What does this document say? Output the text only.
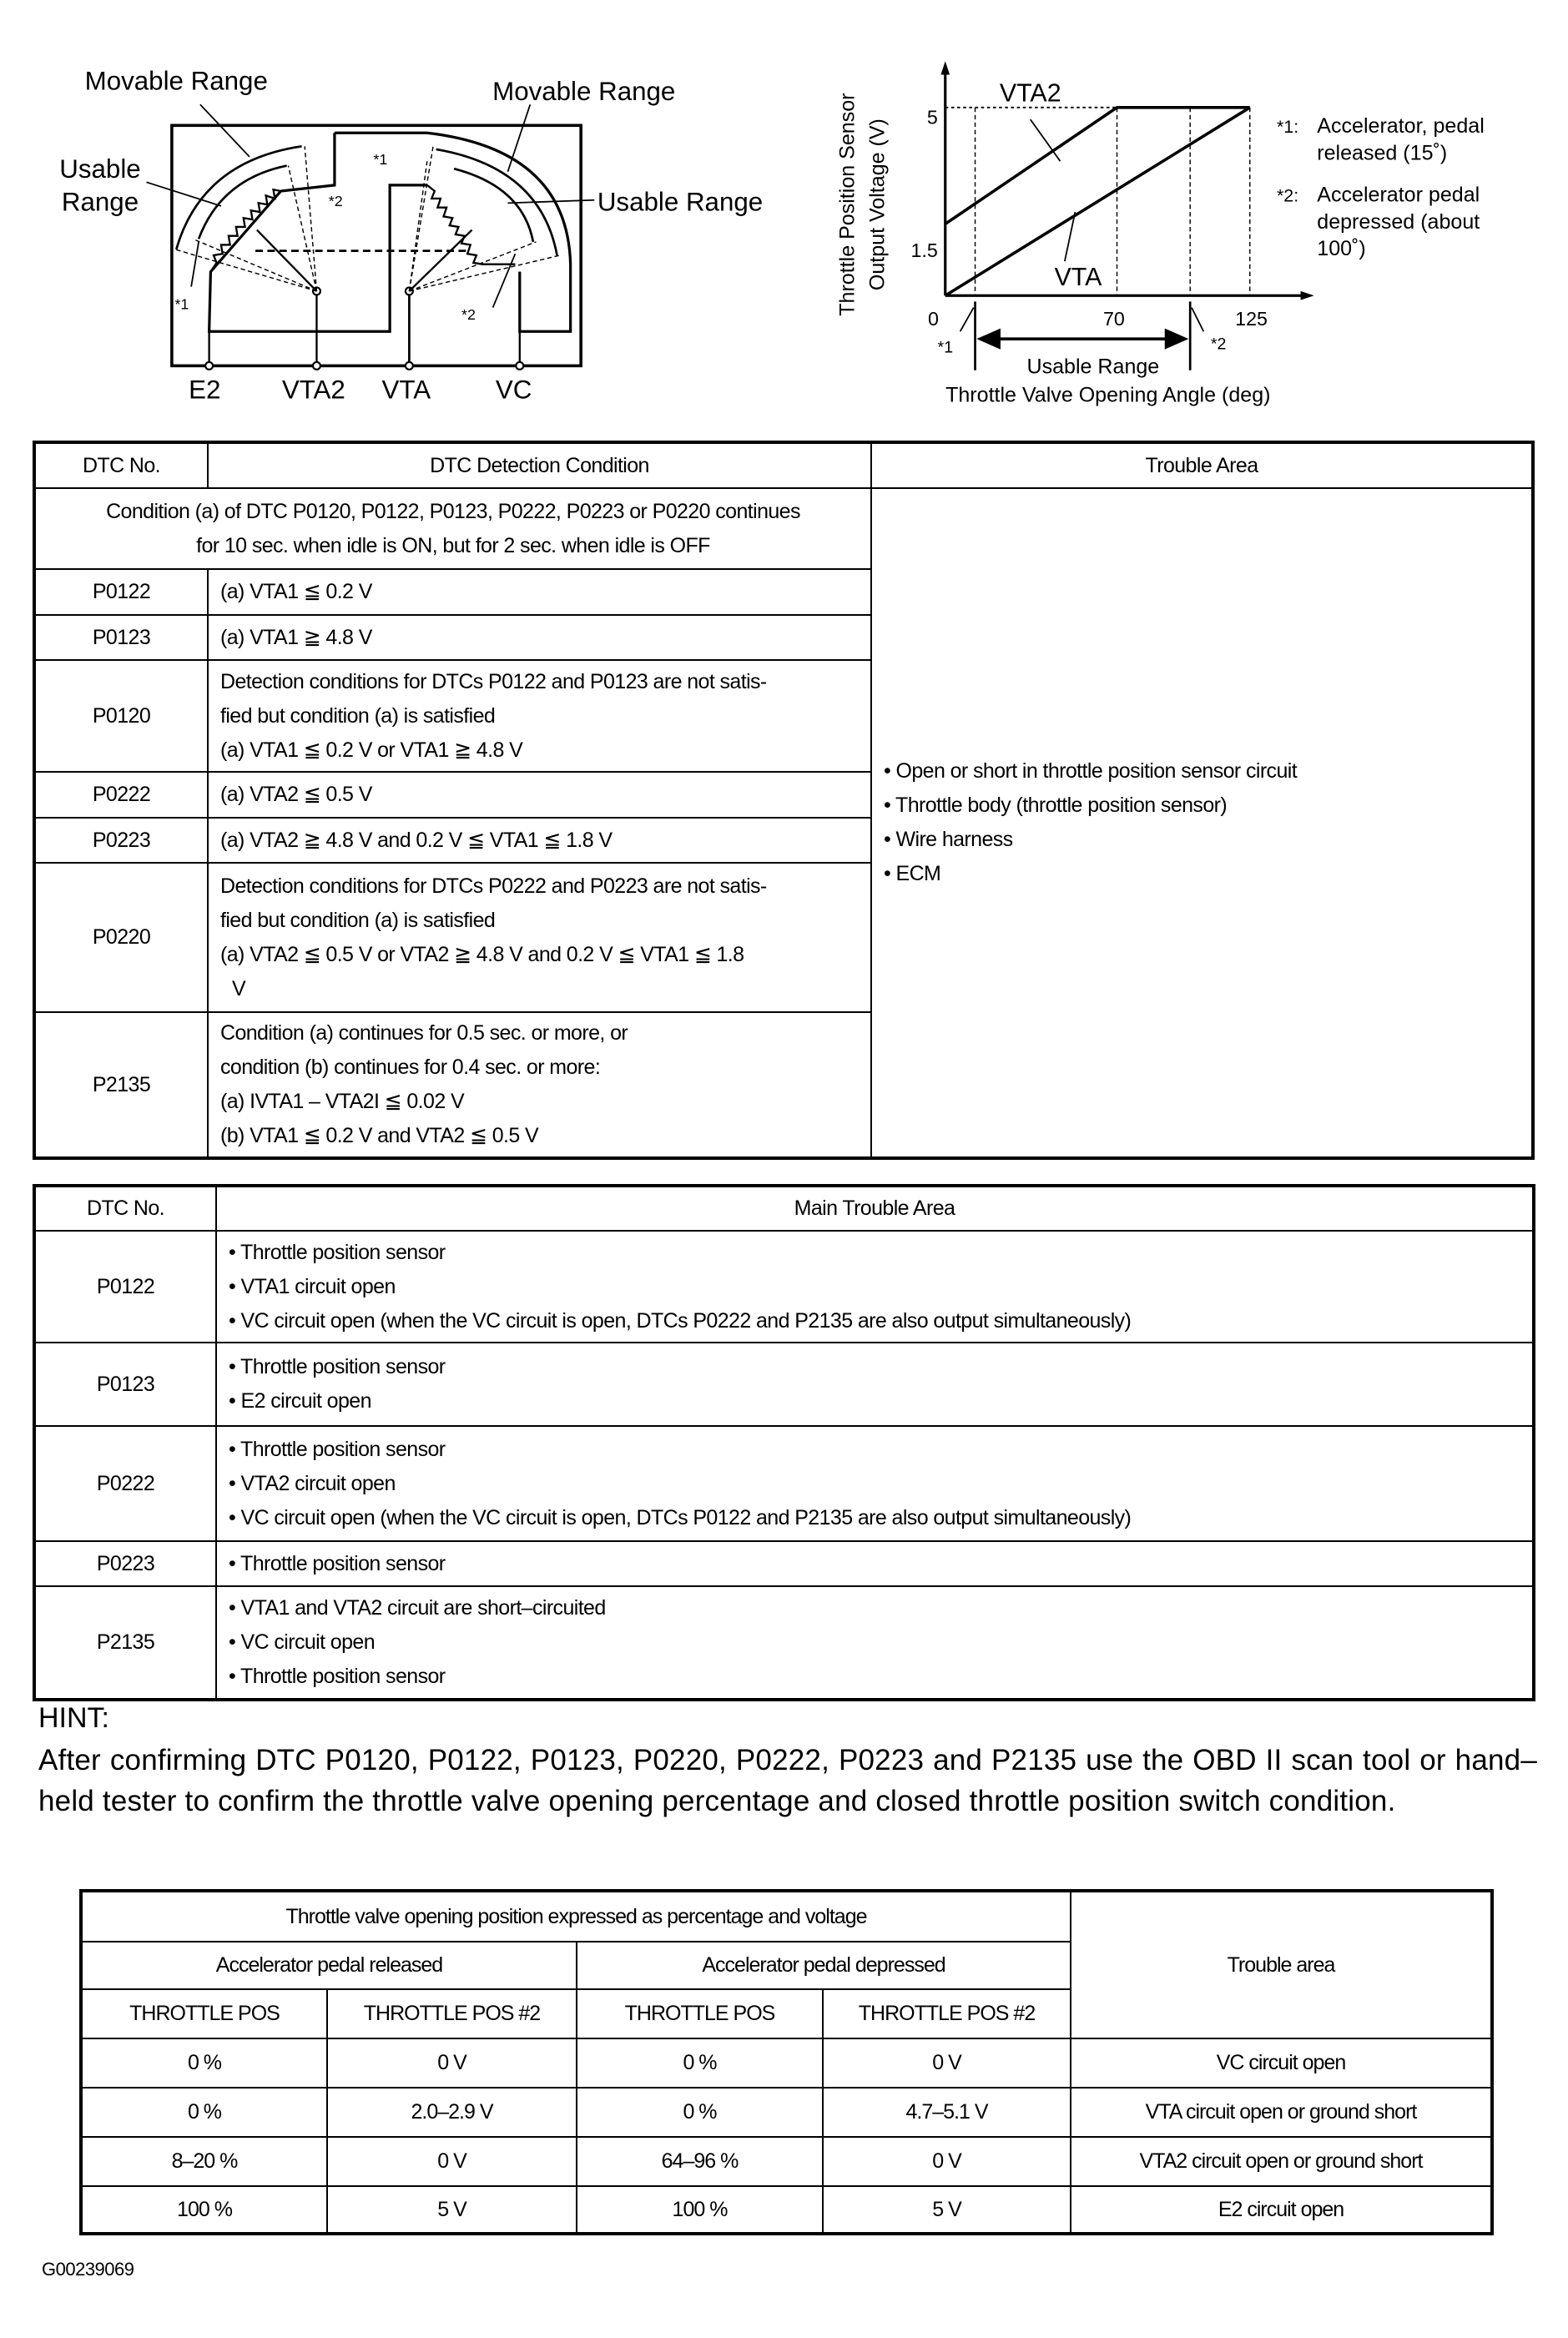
Movable Range	Movable Range
Usable
Range	Usable Range
*1
*2
*1
*2
E2	VTA2 VTA	VC
Throttle Position Sensor Output Voltage (V)
5
1.5
0	70	125
VTA2
VTA
*1	*2
Usable Range
Throttle Valve Opening Angle (deg)
*1: Accelerator, pedal
released (15˚)
*2: Accelerator pedal
depressed (about
100˚)
DTC No.	DTC Detection Condition	Trouble Area

Condition (a) of DTC P0120, P0122, P0123, P0222, P0223 or P0220 continues
for 10 sec. when idle is ON, but for 2 sec. when idle is OFF		• Open or short in throttle position sensor circuit
• Throttle body (throttle position sensor)
• Wire harness
• ECM

P0122	(a) VTA1 ≦ 0.2 V	

P0123	(a) VTA1 ≧ 4.8 V	

P0120	Detection conditions for DTCs P0122 and P0123 are not satis-
fied but condition (a) is satisfied
(a) VTA1 ≦ 0.2 V or VTA1 ≧ 4.8 V	

P0222	(a) VTA2 ≦ 0.5 V	

P0223	(a) VTA2 ≧ 4.8 V and 0.2 V ≦ VTA1 ≦ 1.8 V	

P0220	Detection conditions for DTCs P0222 and P0223 are not satis-
fied but condition (a) is satisfied
(a) VTA2 ≦ 0.5 V or VTA2 ≧ 4.8 V and 0.2 V ≦ VTA1 ≦ 1.8
V	

P2135	Condition (a) continues for 0.5 sec. or more, or
condition (b) continues for 0.4 sec. or more:
(a) IVTA1 – VTA2I ≦ 0.02 V
(b) VTA1 ≦ 0.2 V and VTA2 ≦ 0.5 V	
DTC No.	Main Trouble Area
P0122	• Throttle position sensor
• VTA1 circuit open
• VC circuit open (when the VC circuit is open, DTCs P0222 and P2135 are also output simultaneously)

P0123	• Throttle position sensor
• E2 circuit open

P0222	• Throttle position sensor
• VTA2 circuit open
• VC circuit open (when the VC circuit is open, DTCs P0122 and P2135 are also output simultaneously)

P0223	• Throttle position sensor

P2135	• VTA1 and VTA2 circuit are short–circuited
• VC circuit open
• Throttle position sensor
HINT:
After confirming DTC P0120, P0122, P0123, P0220, P0222, P0223 and P2135 use the OBD II scan tool or hand–held tester to confirm the throttle valve opening percentage and closed throttle position switch condition.
Throttle valve opening position expressed as percentage and voltage				Trouble area
Accelerator pedal released		Accelerator pedal depressed		
THROTTLE POS	THROTTLE POS #2	THROTTLE POS	THROTTLE POS #2	
0 %	0 V	0 %	0 V	VC circuit open
0 %	2.0–2.9 V	0 %	4.7–5.1 V	VTA circuit open or ground short
8–20 %	0 V	64–96 %	0 V	VTA2 circuit open or ground short
100 %	5 V	100 %	5 V	E2 circuit open
G00239069
